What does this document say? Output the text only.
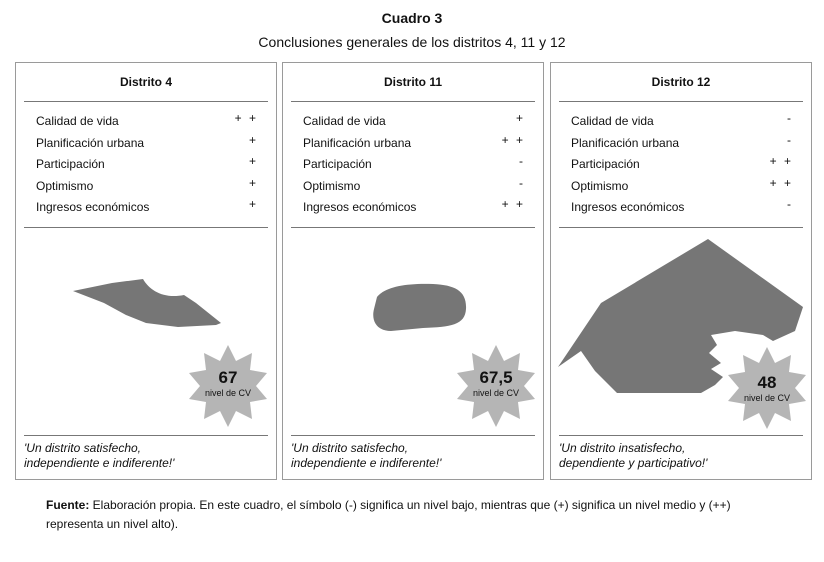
Cuadro 3
Conclusiones generales de los distritos 4, 11 y 12
Distrito 4
Calidad de vida	+ +
Planificación urbana	+
Participación	+
Optimismo	+
Ingresos económicos	+
67
nivel de CV
'Un distrito satisfecho,
independiente e indiferente!'
Distrito 11
Calidad de vida	+
Planificación urbana	+ +
Participación	-
Optimismo	-
Ingresos económicos	+ +
67,5
nivel de CV
'Un distrito satisfecho,
independiente e indiferente!'
Distrito 12
Calidad de vida	-
Planificación urbana	-
Participación	+ +
Optimismo	+ +
Ingresos económicos	-
48
nivel de CV
'Un distrito insatisfecho,
dependiente y participativo!'
Fuente: Elaboración propia. En este cuadro, el símbolo (-) significa un nivel bajo, mientras que (+) significa un nivel medio y (++) representa un nivel alto).
